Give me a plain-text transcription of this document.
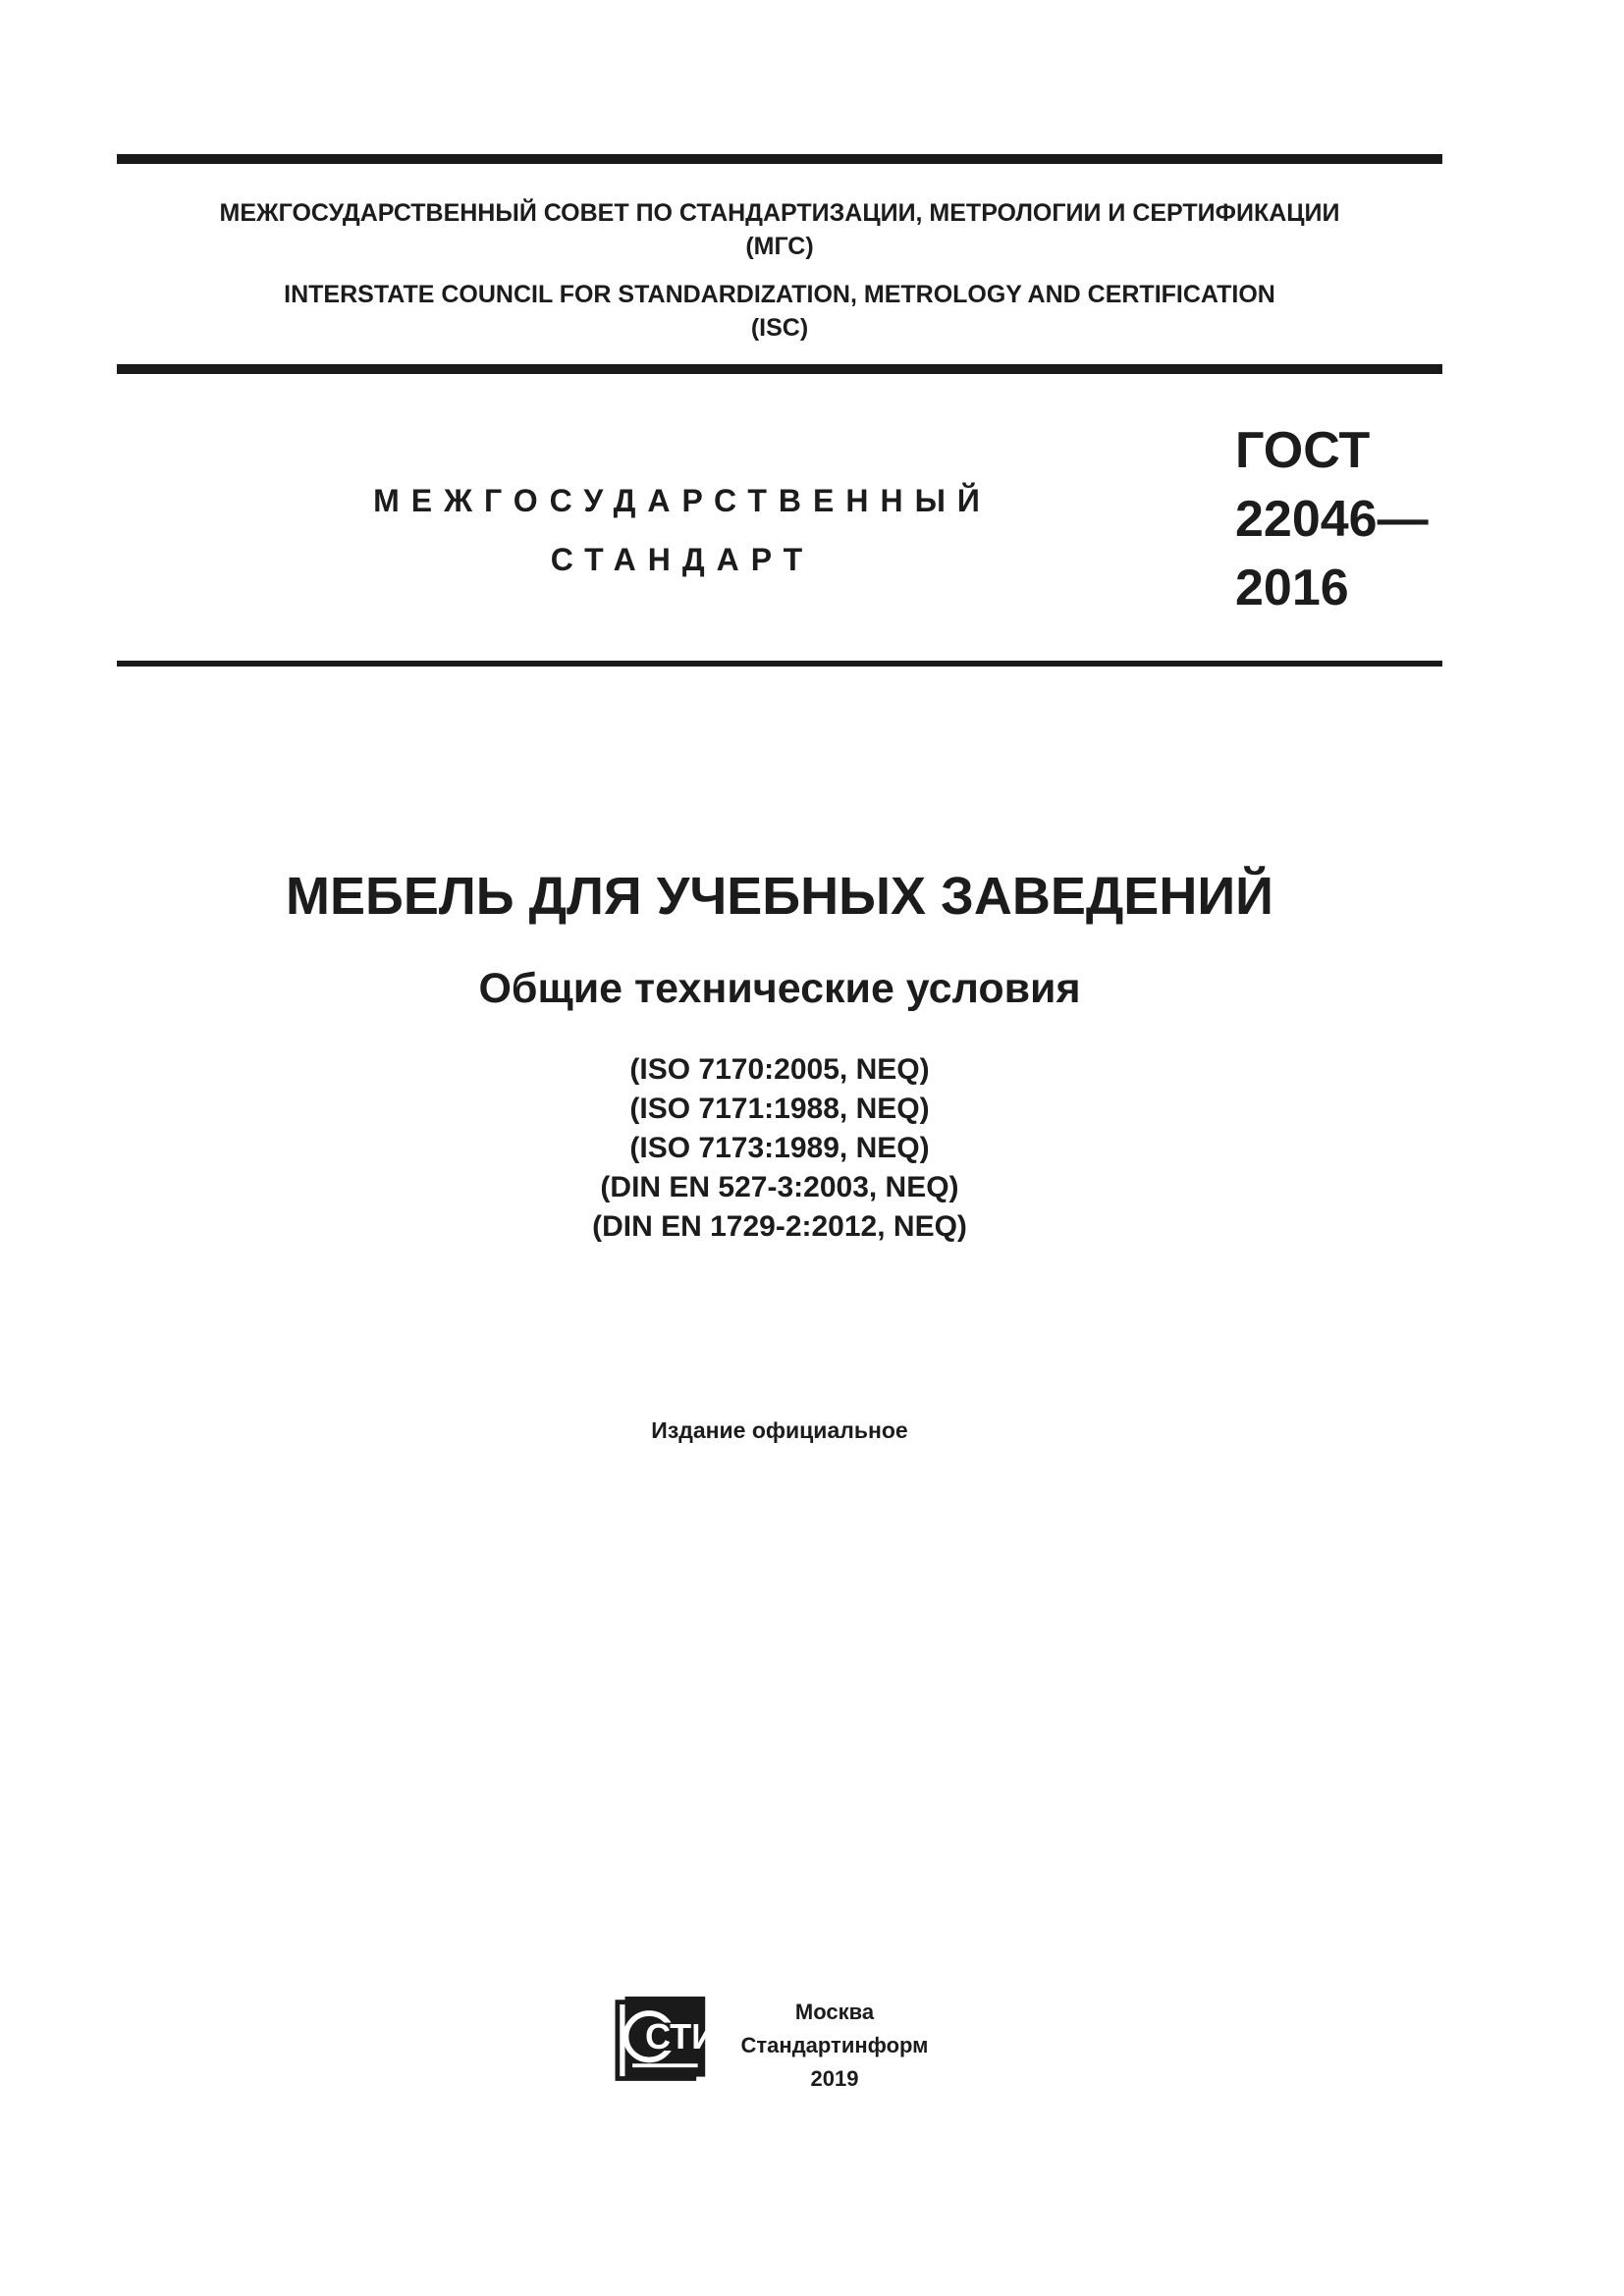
МЕЖГОСУДАРСТВЕННЫЙ СОВЕТ ПО СТАНДАРТИЗАЦИИ, МЕТРОЛОГИИ И СЕРТИФИКАЦИИ
(МГС)
INTERSTATE COUNCIL FOR STANDARDIZATION, METROLOGY AND CERTIFICATION
(ISC)
МЕЖГОСУДАРСТВЕННЫЙ
СТАНДАРТ
ГОСТ
22046—
2016
МЕБЕЛЬ ДЛЯ УЧЕБНЫХ ЗАВЕДЕНИЙ
Общие технические условия
(ISO 7170:2005, NEQ)
(ISO 7171:1988, NEQ)
(ISO 7173:1989, NEQ)
(DIN EN 527-3:2003, NEQ)
(DIN EN 1729-2:2012, NEQ)
Издание официальное
СТИ
Москва
Стандартинформ
2019
